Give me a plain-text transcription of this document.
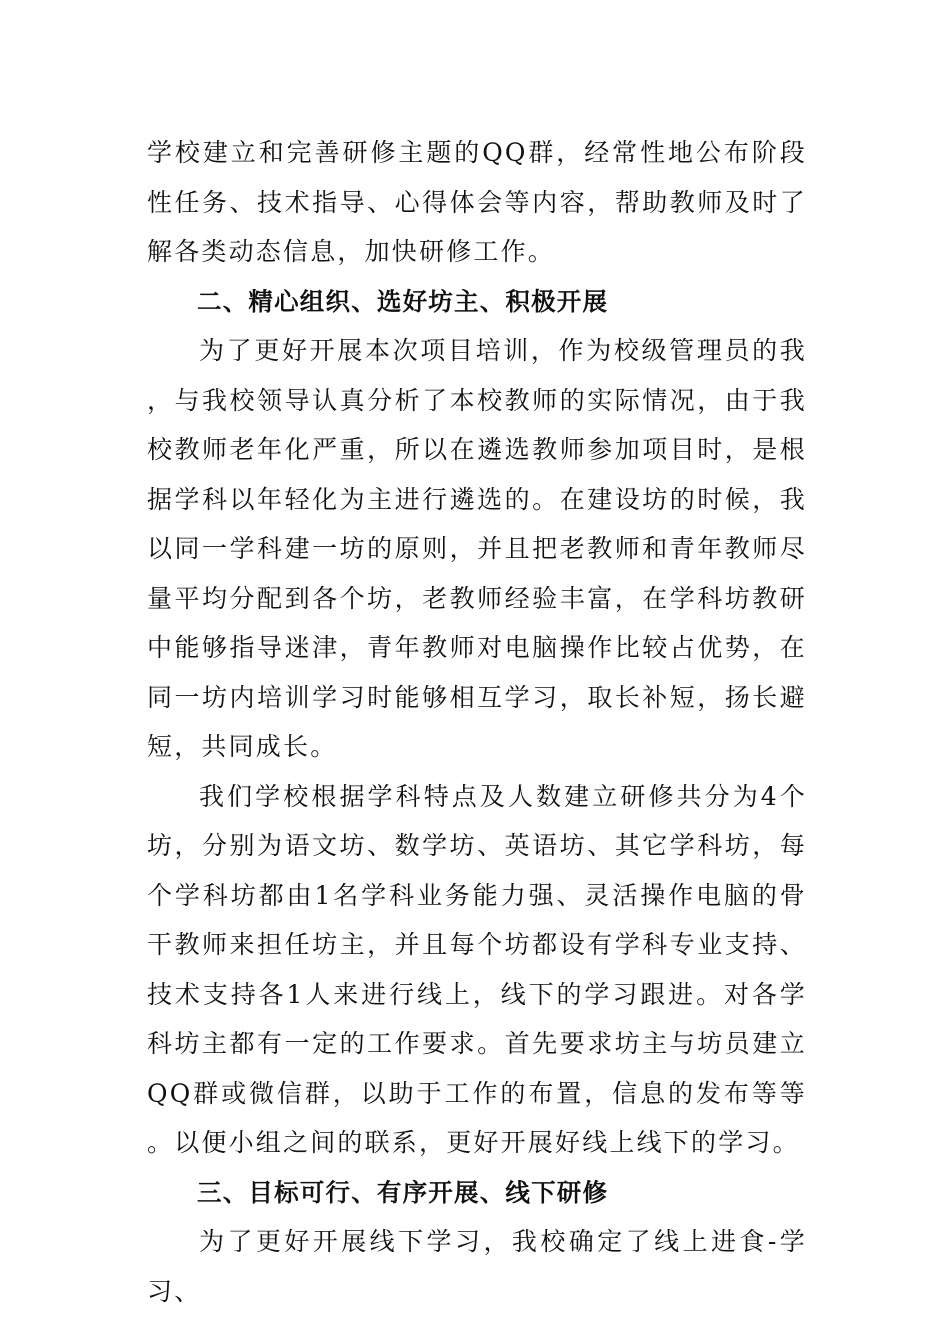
学校建立和完善研修主题的QQ群，经常性地公布阶段性任务、技术指导、心得体会等内容，帮助教师及时了解各类动态信息，加快研修工作。

二、精心组织、选好坊主、积极开展

为了更好开展本次项目培训，作为校级管理员的我，与我校领导认真分析了本校教师的实际情况，由于我校教师老年化严重，所以在遴选教师参加项目时，是根据学科以年轻化为主进行遴选的。在建设坊的时候，我以同一学科建一坊的原则，并且把老教师和青年教师尽量平均分配到各个坊，老教师经验丰富，在学科坊教研中能够指导迷津，青年教师对电脑操作比较占优势，在同一坊内培训学习时能够相互学习，取长补短，扬长避短，共同成长。

我们学校根据学科特点及人数建立研修共分为4个坊，分别为语文坊、数学坊、英语坊、其它学科坊，每个学科坊都由1名学科业务能力强、灵活操作电脑的骨干教师来担任坊主，并且每个坊都设有学科专业支持、技术支持各1人来进行线上，线下的学习跟进。对各学科坊主都有一定的工作要求。首先要求坊主与坊员建立QQ群或微信群，以助于工作的布置，信息的发布等等。以便小组之间的联系，更好开展好线上线下的学习。

三、目标可行、有序开展、线下研修

为了更好开展线下学习，我校确定了线上进食-学习、
